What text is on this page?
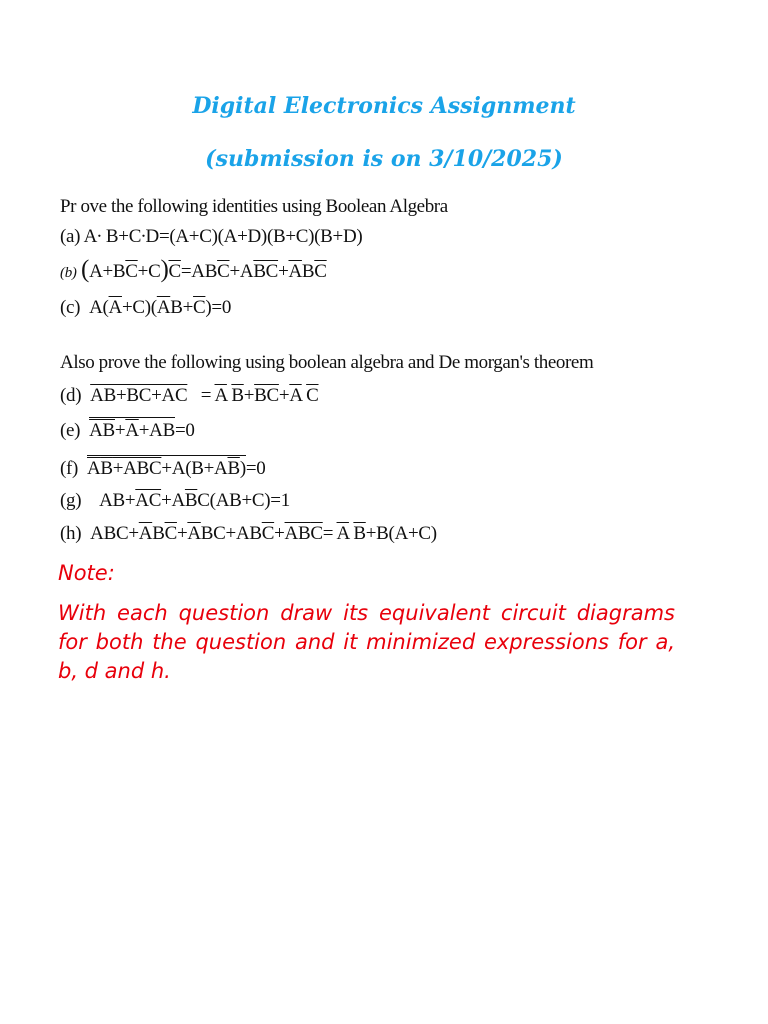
Digital Electronics Assignment
(submission is on 3/10/2025)
Pr ove the following identities using Boolean Algebra
(a) A∙ B+C∙D=(A+C)(A+D)(B+C)(B+D)
(b) $(A+B\overline{C}+C)\overline{C}=AB\overline{C}+A\overline{BC}+\overline{A}B\overline{C}$
(c)  $A(\overline{A}+C)(\overline{A}B+\overline{C})=0$
Also prove the following using boolean algebra and De morgan's theorem
(d) $AB+BC+AC = \overline{A}$ $\overline{B}+\overline{B}\overline{C}+\overline{A}$ $\overline{C}$
(e) $AB+\overline{A}+AB=0$
(f) $AB+ABC+A(B+A\overline{B})=0$
(g)    $AB+\overline{AC}+A\overline{B}C(AB+C)=1$
(h)  $ABC+\overline{A}B\overline{C}+\overline{A}BC+AB\overline{C}+\overline{A}\overline{B}\overline{C}= \overline{A}$ $\overline{B}+B(A+C)$
Note:
With each question draw its equivalent circuit diagrams for both the question and it minimized expressions for a, b, d and h.
